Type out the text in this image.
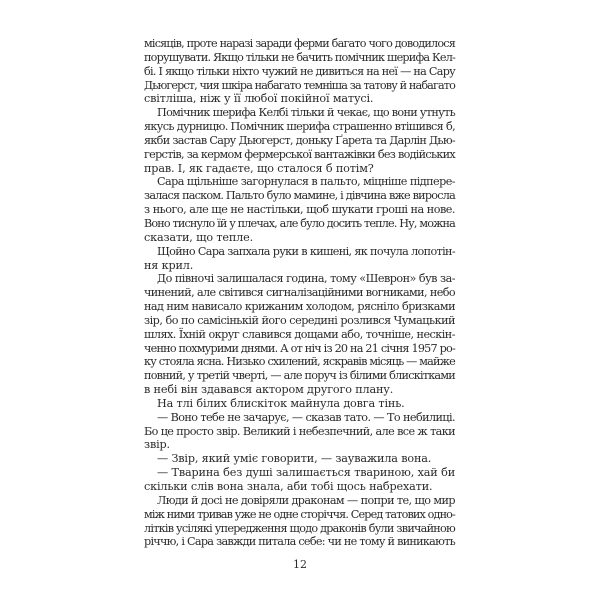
місяців, проте наразі заради ферми багато чого доводилося
порушувати. Якщо тільки не бачить помічник шерифа Кел-
бі. І якщо тільки ніхто чужий не дивиться на неї — на Сару
Дьюгерст, чия шкіра набагато темніша за татову й набагато
світліша, ніж у її любої покійної матусі.
Помічник шерифа Келбі тільки й чекає, що вони утнуть
якусь дурницю. Помічник шерифа страшенно втішився б,
якби застав Сару Дьюгерст, доньку Ґарета та Дарлін Дью-
герстів, за кермом фермерської вантажівки без водійських
прав. І, як гадаєте, що сталося б потім?
Сара щільніше загорнулася в пальто, міцніше підпере-
залася паском. Пальто було мамине, і дівчина вже виросла
з нього, але ще не настільки, щоб шукати гроші на нове.
Воно тиснуло їй у плечах, але було досить тепле. Ну, можна
сказати, що тепле.
Щойно Сара запхала руки в кишені, як почула лопотін-
ня крил.
До півночі залишалася година, тому «Шеврон» був за-
чинений, але світився сигналізаційними вогниками, небо
над ним нависало крижаним холодом, рясніло бризками
зір, бо по самісінькій його середині розлився Чумацький
шлях. Їхній округ славився дощами або, точніше, нескін-
ченно похмурими днями. А от ніч із 20 на 21 січня 1957 ро-
ку стояла ясна. Низько схилений, яскравів місяць — майже
повний, у третій чверті, — але поруч із білими блискітками
в небі він здавався актором другого плану.
На тлі білих блискіток майнула довга тінь.
— Воно тебе не зачарує, — сказав тато. — То небилиці.
Бо це просто звір. Великий і небезпечний, але все ж таки
звір.
— Звір, який уміє говорити, — зауважила вона.
— Тварина без душі залишається твариною, хай би
скільки слів вона знала, аби тобі щось набрехати.
Люди й досі не довіряли драконам — попри те, що мир
між ними тривав уже не одне сторіччя. Серед татових одно-
літків усілякі упередження щодо драконів були звичайною
річчю, і Сара завжди питала себе: чи не тому й виникають
12
